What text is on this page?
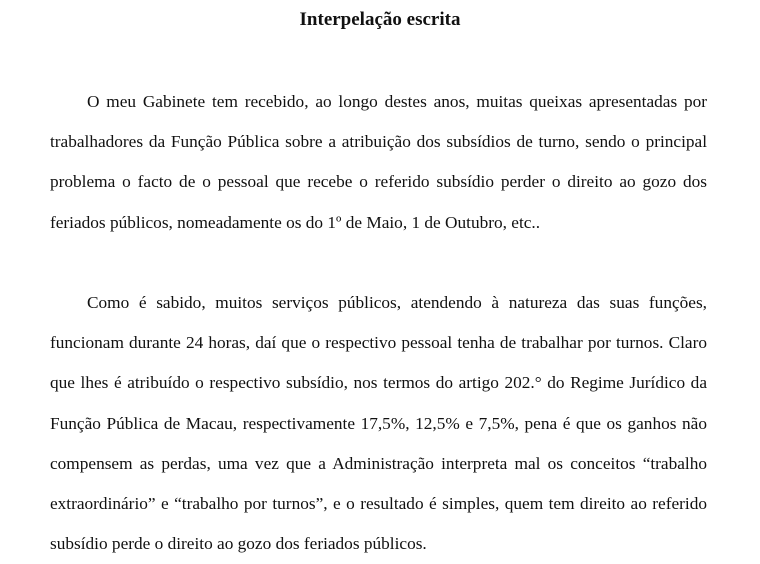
Interpelação escrita

O meu Gabinete tem recebido, ao longo destes anos, muitas queixas apresentadas por trabalhadores da Função Pública sobre a atribuição dos subsídios de turno, sendo o principal problema o facto de o pessoal que recebe o referido subsídio perder o direito ao gozo dos feriados públicos, nomeadamente os do 1º de Maio, 1 de Outubro, etc..

Como é sabido, muitos serviços públicos, atendendo à natureza das suas funções, funcionam durante 24 horas, daí que o respectivo pessoal tenha de trabalhar por turnos. Claro que lhes é atribuído o respectivo subsídio, nos termos do artigo 202.° do Regime Jurídico da Função Pública de Macau, respectivamente 17,5%, 12,5% e 7,5%, pena é que os ganhos não compensem as perdas, uma vez que a Administração interpreta mal os conceitos “trabalho extraordinário” e “trabalho por turnos”, e o resultado é simples, quem tem direito ao referido subsídio perde o direito ao gozo dos feriados públicos.
